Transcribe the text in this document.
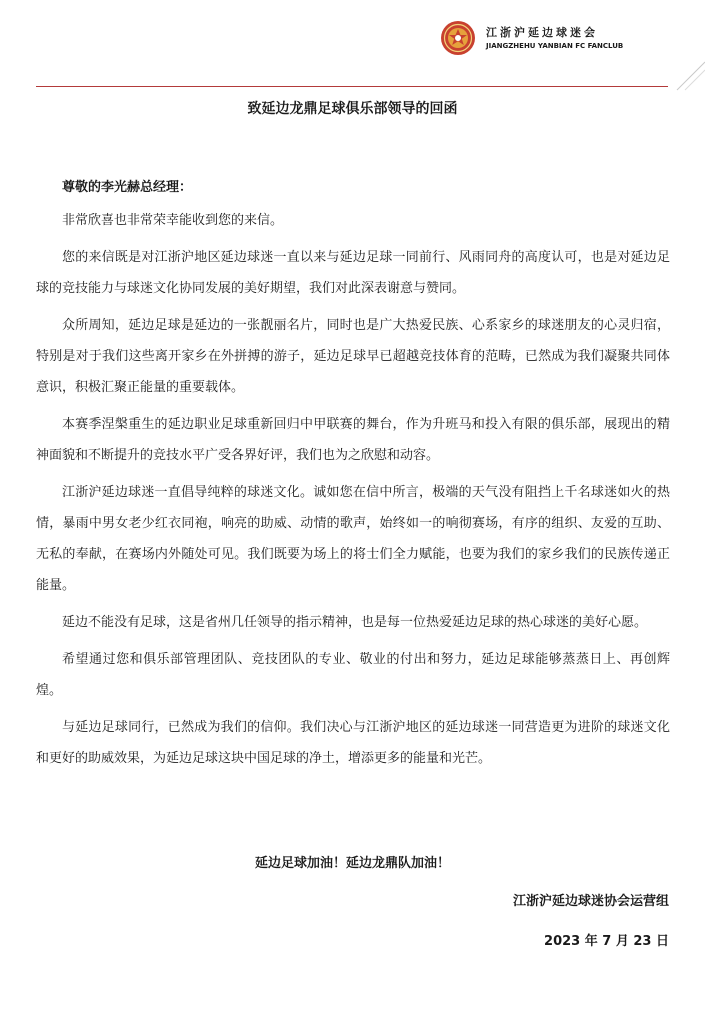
江浙沪延边球迷会
JIANGZHEHU YANBIAN FC FANCLUB
致延边龙鼎足球俱乐部领导的回函
尊敬的李光赫总经理：

非常欣喜也非常荣幸能收到您的来信。

您的来信既是对江浙沪地区延边球迷一直以来与延边足球一同前行、风雨同舟的高度认可，也是对延边足球的竞技能力与球迷文化协同发展的美好期望，我们对此深表谢意与赞同。

众所周知，延边足球是延边的一张靓丽名片，同时也是广大热爱民族、心系家乡的球迷朋友的心灵归宿，特别是对于我们这些离开家乡在外拼搏的游子，延边足球早已超越竞技体育的范畴，已然成为我们凝聚共同体意识，积极汇聚正能量的重要载体。

本赛季涅槃重生的延边职业足球重新回归中甲联赛的舞台，作为升班马和投入有限的俱乐部，展现出的精神面貌和不断提升的竞技水平广受各界好评，我们也为之欣慰和动容。

江浙沪延边球迷一直倡导纯粹的球迷文化。诚如您在信中所言，极端的天气没有阻挡上千名球迷如火的热情，暴雨中男女老少红衣同袍，响亮的助威、动情的歌声，始终如一的响彻赛场，有序的组织、友爱的互助、无私的奉献，在赛场内外随处可见。我们既要为场上的将士们全力赋能，也要为我们的家乡我们的民族传递正能量。

延边不能没有足球，这是省州几任领导的指示精神，也是每一位热爱延边足球的热心球迷的美好心愿。

希望通过您和俱乐部管理团队、竞技团队的专业、敬业的付出和努力，延边足球能够蒸蒸日上、再创辉煌。

与延边足球同行，已然成为我们的信仰。我们决心与江浙沪地区的延边球迷一同营造更为进阶的球迷文化和更好的助威效果，为延边足球这块中国足球的净土，增添更多的能量和光芒。

延边足球加油！延边龙鼎队加油！
江浙沪延边球迷协会运营组
2023 年 7 月 23 日
